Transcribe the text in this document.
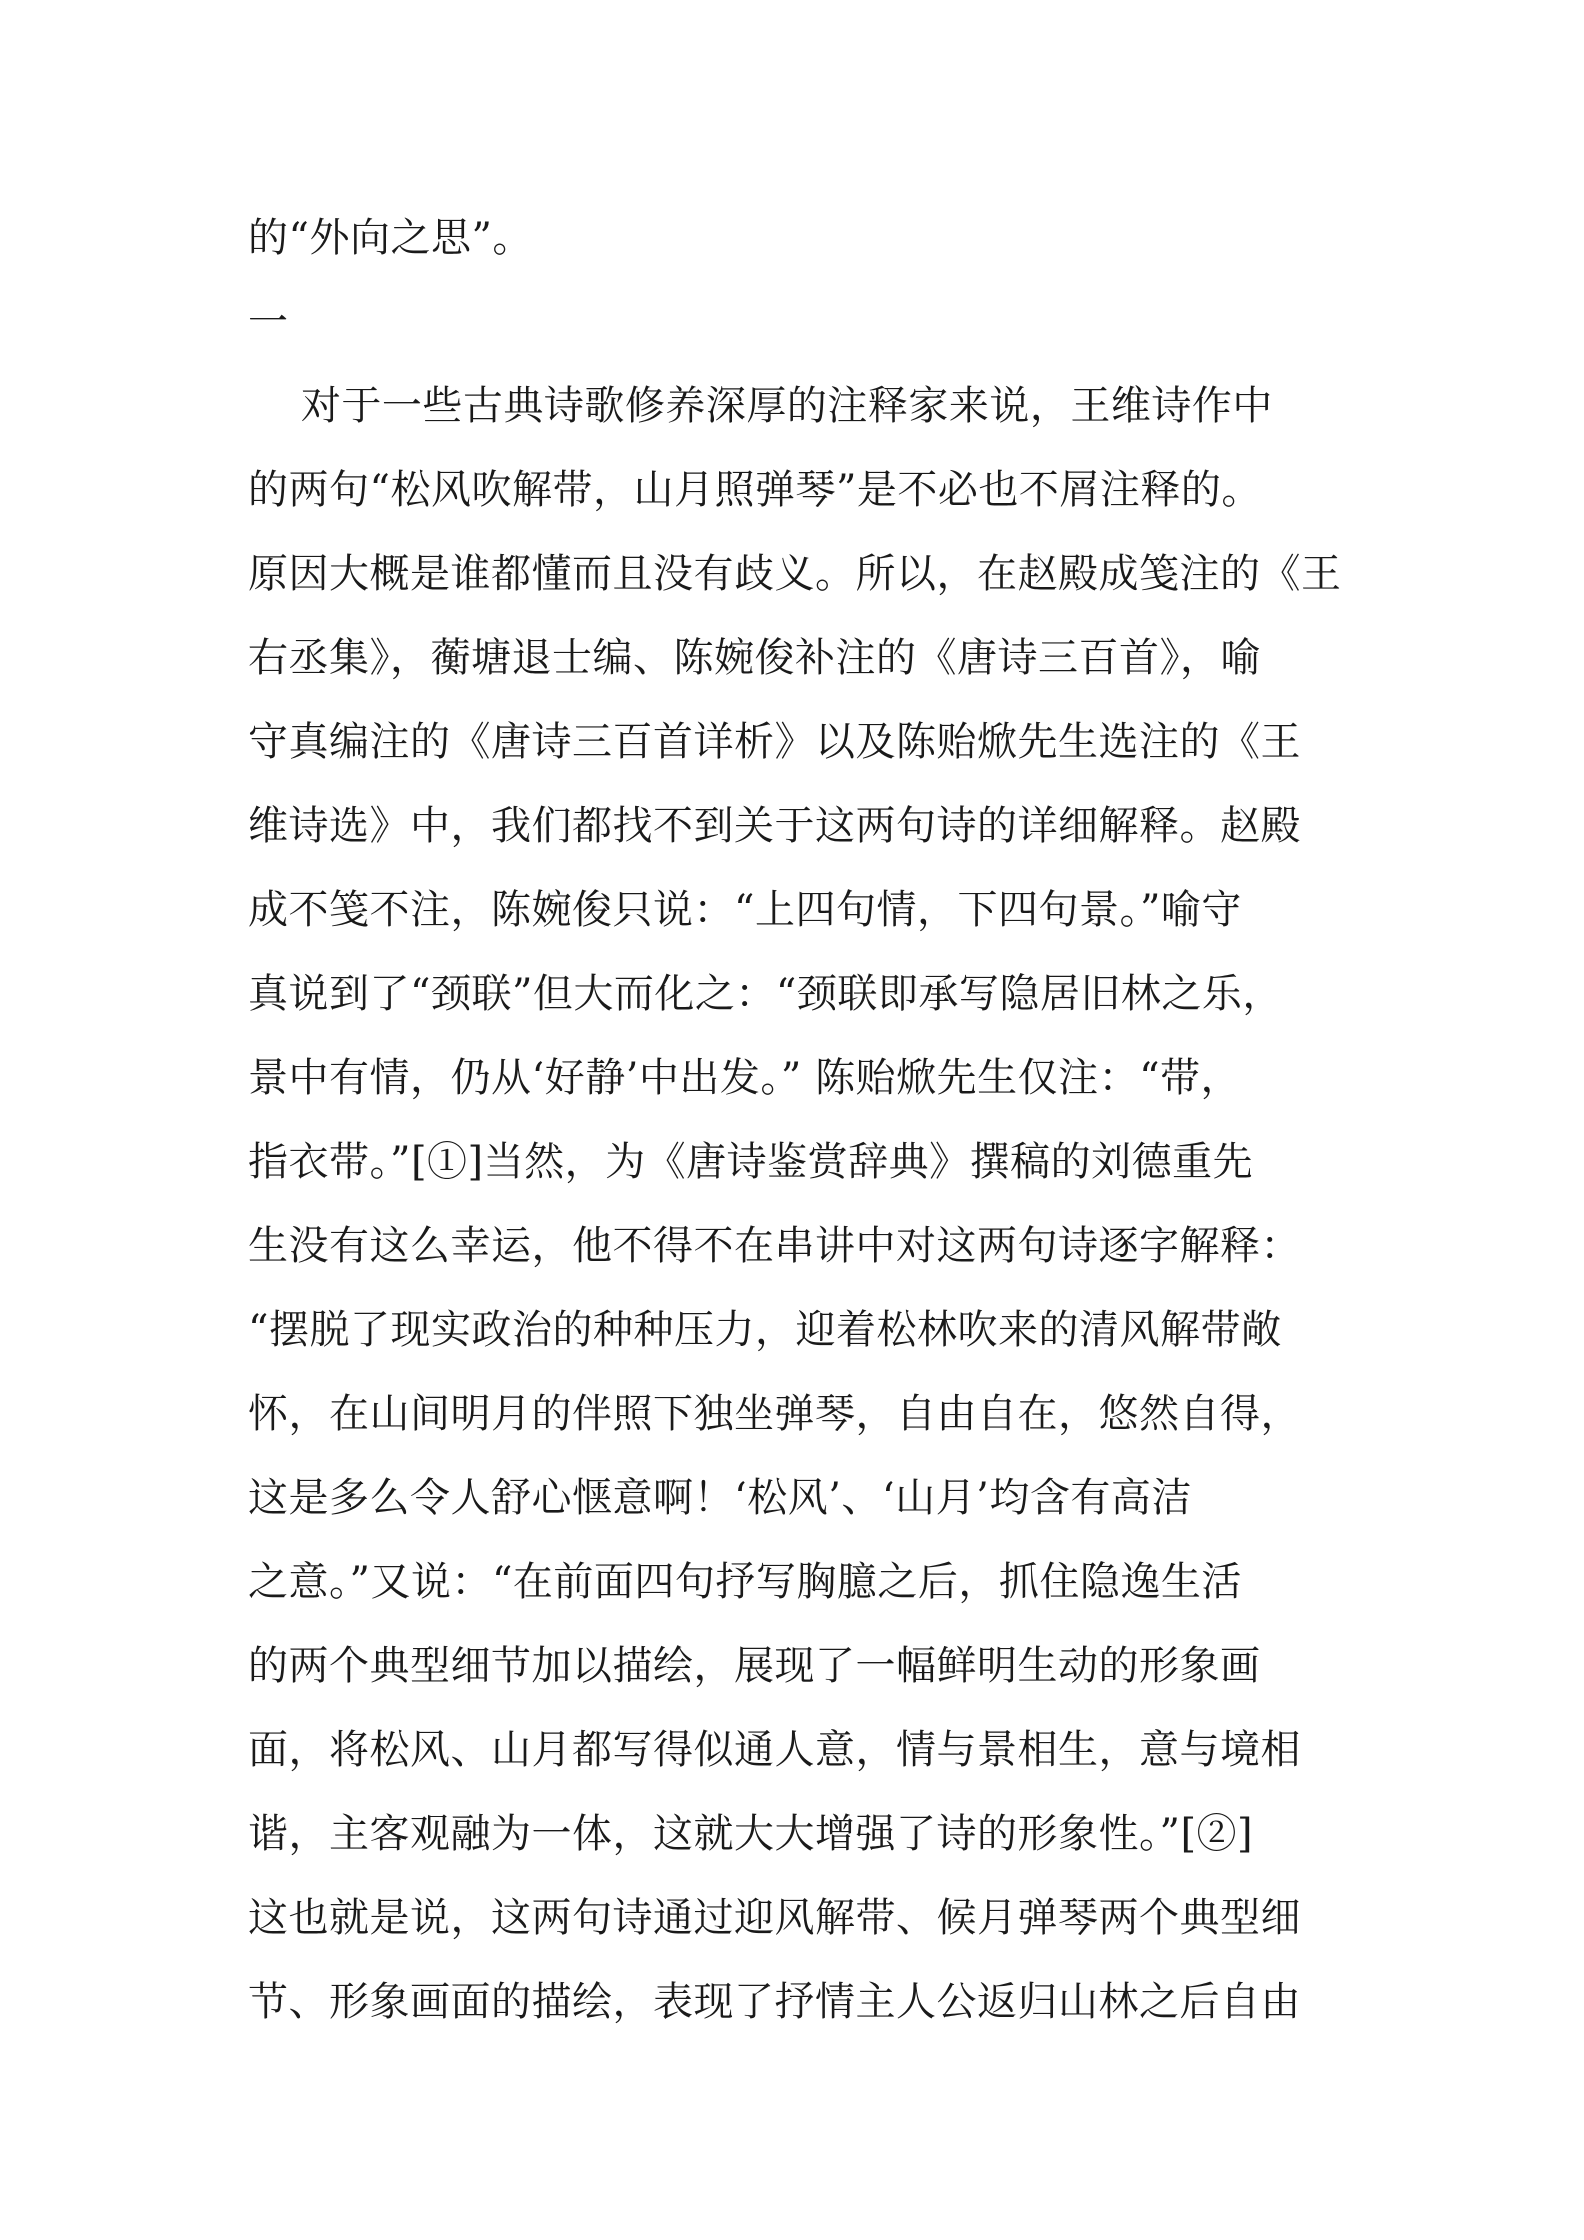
的“外向之思”。
一
对于一些古典诗歌修养深厚的注释家来说，王维诗作中
的两句“松风吹解带，山月照弹琴”是不必也不屑注释的。
原因大概是谁都懂而且没有歧义。所以，在赵殿成笺注的《王
右丞集》，蘅塘退士编、陈婉俊补注的《唐诗三百首》，喻
守真编注的《唐诗三百首详析》以及陈贻焮先生选注的《王
维诗选》中，我们都找不到关于这两句诗的详细解释。赵殿
成不笺不注，陈婉俊只说：“上四句情，下四句景。”喻守
真说到了“颈联”但大而化之：“颈联即承写隐居旧林之乐，
景中有情，仍从‘好静’中出发。” 陈贻焮先生仅注：“带，
指衣带。”[①]当然，为《唐诗鉴赏辞典》撰稿的刘德重先
生没有这么幸运，他不得不在串讲中对这两句诗逐字解释：
“摆脱了现实政治的种种压力，迎着松林吹来的清风解带敞
怀，在山间明月的伴照下独坐弹琴，自由自在，悠然自得，
这是多么令人舒心惬意啊！‘松风’、‘山月’均含有高洁
之意。”又说：“在前面四句抒写胸臆之后，抓住隐逸生活
的两个典型细节加以描绘，展现了一幅鲜明生动的形象画
面，将松风、山月都写得似通人意，情与景相生，意与境相
谐，主客观融为一体，这就大大增强了诗的形象性。”[②]
这也就是说，这两句诗通过迎风解带、候月弹琴两个典型细
节、形象画面的描绘，表现了抒情主人公返归山林之后自由
